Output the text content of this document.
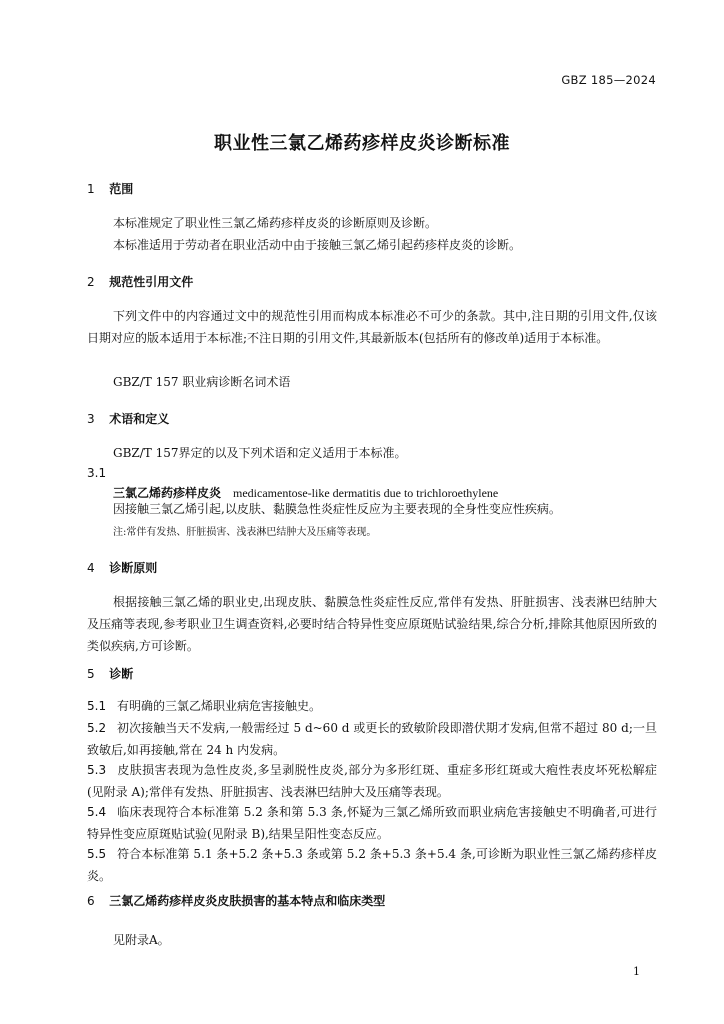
GBZ 185—2024
职业性三氯乙烯药疹样皮炎诊断标准
1 范围
本标准规定了职业性三氯乙烯药疹样皮炎的诊断原则及诊断。
本标准适用于劳动者在职业活动中由于接触三氯乙烯引起药疹样皮炎的诊断。
2 规范性引用文件
下列文件中的内容通过文中的规范性引用而构成本标准必不可少的条款。其中,注日期的引用文件,仅该日期对应的版本适用于本标准;不注日期的引用文件,其最新版本(包括所有的修改单)适用于本标准。
GBZ/T 157 职业病诊断名词术语
3 术语和定义
GBZ/T 157界定的以及下列术语和定义适用于本标准。
3.1
三氯乙烯药疹样皮炎 medicamentose-like dermatitis due to trichloroethylene
因接触三氯乙烯引起,以皮肤、黏膜急性炎症性反应为主要表现的全身性变应性疾病。
注:常伴有发热、肝脏损害、浅表淋巴结肿大及压痛等表现。
4 诊断原则
根据接触三氯乙烯的职业史,出现皮肤、黏膜急性炎症性反应,常伴有发热、肝脏损害、浅表淋巴结肿大及压痛等表现,参考职业卫生调查资料,必要时结合特异性变应原斑贴试验结果,综合分析,排除其他原因所致的类似疾病,方可诊断。
5 诊断
5.1 有明确的三氯乙烯职业病危害接触史。
5.2 初次接触当天不发病,一般需经过 5 d~60 d 或更长的致敏阶段即潜伏期才发病,但常不超过 80 d;一旦致敏后,如再接触,常在 24 h 内发病。
5.3 皮肤损害表现为急性皮炎,多呈剥脱性皮炎,部分为多形红斑、重症多形红斑或大疱性表皮坏死松解症(见附录 A);常伴有发热、肝脏损害、浅表淋巴结肿大及压痛等表现。
5.4 临床表现符合本标准第 5.2 条和第 5.3 条,怀疑为三氯乙烯所致而职业病危害接触史不明确者,可进行特异性变应原斑贴试验(见附录 B),结果呈阳性变态反应。
5.5 符合本标准第 5.1 条+5.2 条+5.3 条或第 5.2 条+5.3 条+5.4 条,可诊断为职业性三氯乙烯药疹样皮炎。
6 三氯乙烯药疹样皮炎皮肤损害的基本特点和临床类型
见附录A。
1
